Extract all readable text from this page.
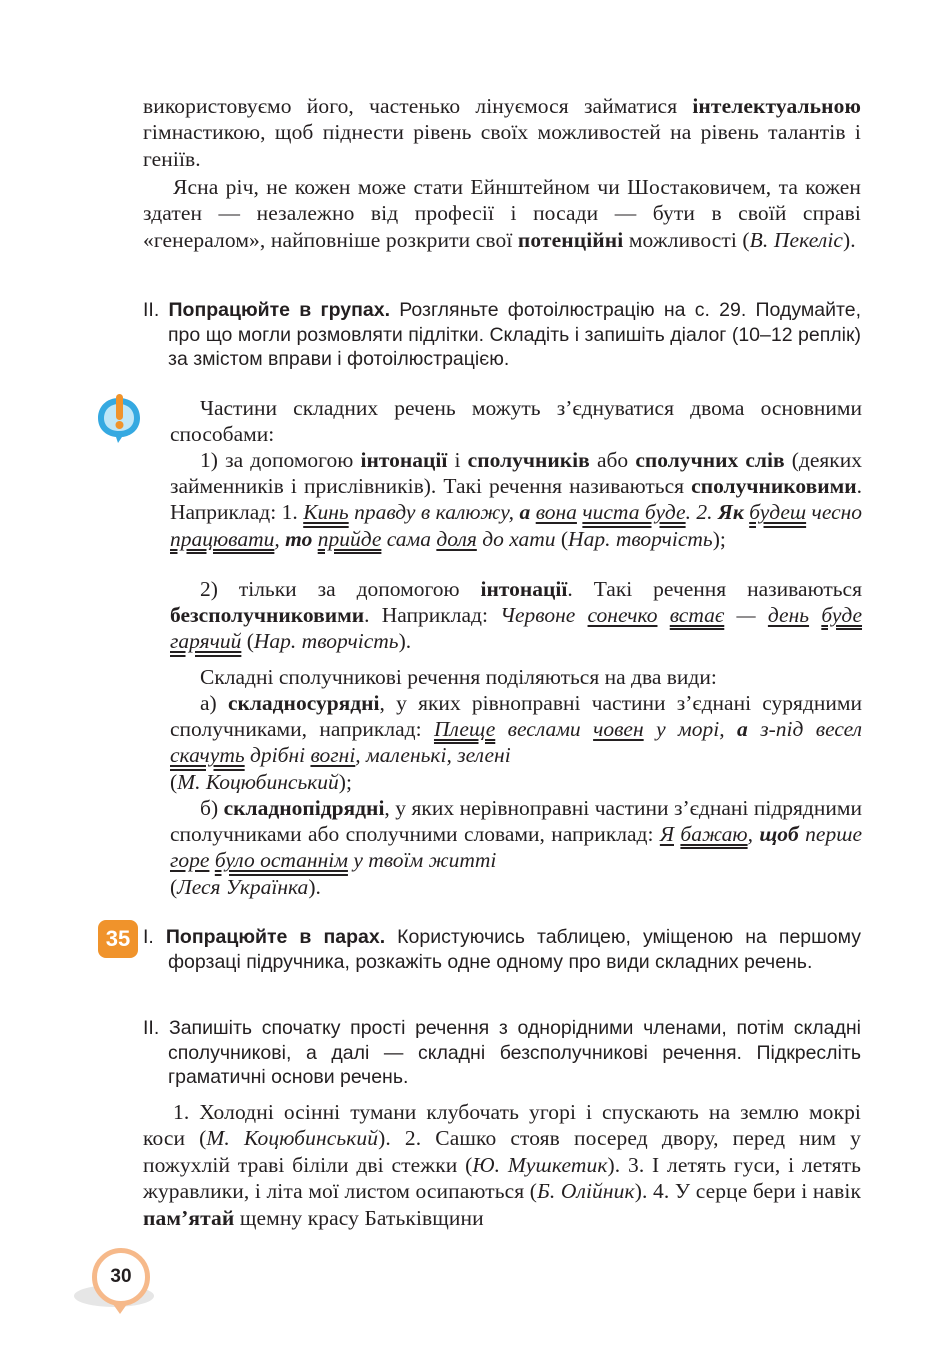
використовуємо його, частенько лінуємося займатися інтелектуальною гімнастикою, щоб піднести рівень своїх можливостей на рівень талантів і геніїв.

Ясна річ, не кожен може стати Ейнштейном чи Шостаковичем, та кожен здатен — незалежно від професії і посади — бути в своїй справі «генералом», найповніше розкрити свої потенційні можливості (В. Пекеліс).

II. Попрацюйте в групах. Розгляньте фотоілюстрацію на с. 29. Подумайте, про що могли розмовляти підлітки. Складіть і запишіть діалог (10–12 реплік) за змістом вправи і фотоілюстрацією.

Частини складних речень можуть з’єднуватися двома основними способами:

1) за допомогою інтонації і сполучників або сполучних слів (деяких займенників і прислівників). Такі речення називаються сполучниковими. Наприклад: 1. Кинь правду в калюжу, а вона чиста буде. 2. Як будеш чесно працювати, то прийде сама доля до хати (Нар. творчість);

2) тільки за допомогою інтонації. Такі речення називаються безсполучниковими. Наприклад: Червоне сонечко встає — день буде гарячий (Нар. творчість).

Складні сполучникові речення поділяються на два види:

а) складносурядні, у яких рівноправні частини з’єднані сурядними сполучниками, наприклад: Плеще веслами човен у морі, а з-під весел скачуть дрібні вогні, маленькі, зелені
(М. Коцюбинський);

б) складнопідрядні, у яких нерівноправні частини з’єднані підрядними сполучниками або сполучними словами, наприклад: Я бажаю, щоб перше горе було останнім у твоїм житті
(Леся Українка).

35 I. Попрацюйте в парах. Користуючись таблицею, уміщеною на першому форзаці підручника, розкажіть одне одному про види складних речень.

II. Запишіть спочатку прості речення з однорідними членами, потім складні сполучникові, а далі — складні безсполучникові речення. Підкресліть граматичні основи речень.

1. Холодні осінні тумани клубочать угорі і спускають на землю мокрі коси (М. Коцюбинський). 2. Сашко стояв посеред двору, перед ним у пожухлій траві біліли дві стежки (Ю. Мушкетик). 3. І летять гуси, і летять журавлики, і літа мої листом осипаються (Б. Олійник). 4. У серце бери і навік пам’ятай щемну красу Батьківщини

30
